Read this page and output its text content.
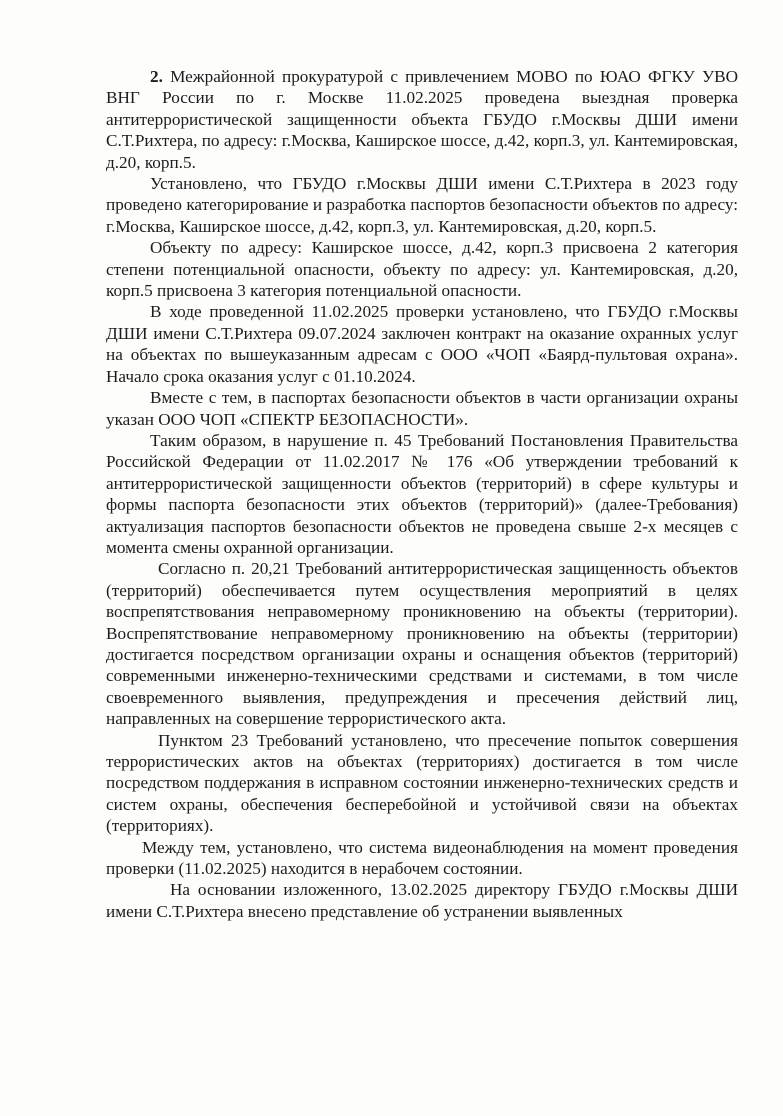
2. Межрайонной прокуратурой с привлечением МОВО по ЮАО ФГКУ УВО ВНГ России по г. Москве 11.02.2025 проведена выездная проверка антитеррористической защищенности объекта ГБУДО г.Москвы ДШИ имени С.Т.Рихтера, по адресу: г.Москва, Каширское шоссе, д.42, корп.3, ул. Кантемировская, д.20, корп.5.

Установлено, что ГБУДО г.Москвы ДШИ имени С.Т.Рихтера в 2023 году проведено категорирование и разработка паспортов безопасности объектов по адресу: г.Москва, Каширское шоссе, д.42, корп.3, ул. Кантемировская, д.20, корп.5.

Объекту по адресу: Каширское шоссе, д.42, корп.3 присвоена 2 категория степени потенциальной опасности, объекту по адресу: ул. Кантемировская, д.20, корп.5 присвоена 3 категория потенциальной опасности.

В ходе проведенной 11.02.2025 проверки установлено, что ГБУДО г.Москвы ДШИ имени С.Т.Рихтера 09.07.2024 заключен контракт на оказание охранных услуг на объектах по вышеуказанным адресам с ООО «ЧОП «Баярд-пультовая охрана». Начало срока оказания услуг с 01.10.2024.

Вместе с тем, в паспортах безопасности объектов в части организации охраны указан ООО ЧОП «СПЕКТР БЕЗОПАСНОСТИ».

Таким образом, в нарушение п. 45 Требований Постановления Правительства Российской Федерации от 11.02.2017 № 176 «Об утверждении требований к антитеррористической защищенности объектов (территорий) в сфере культуры и формы паспорта безопасности этих объектов (территорий)» (далее-Требования) актуализация паспортов безопасности объектов не проведена свыше 2-х месяцев с момента смены охранной организации.

Согласно п. 20,21 Требований антитеррористическая защищенность объектов (территорий) обеспечивается путем осуществления мероприятий в целях воспрепятствования неправомерному проникновению на объекты (территории). Воспрепятствование неправомерному проникновению на объекты (территории) достигается посредством организации охраны и оснащения объектов (территорий) современными инженерно-техническими средствами и системами, в том числе своевременного выявления, предупреждения и пресечения действий лиц, направленных на совершение террористического акта.

Пунктом 23 Требований установлено, что пресечение попыток совершения террористических актов на объектах (территориях) достигается в том числе посредством поддержания в исправном состоянии инженерно-технических средств и систем охраны, обеспечения бесперебойной и устойчивой связи на объектах (территориях).

Между тем, установлено, что система видеонаблюдения на момент проведения проверки (11.02.2025) находится в нерабочем состоянии.

На основании изложенного, 13.02.2025 директору ГБУДО г.Москвы ДШИ имени С.Т.Рихтера внесено представление об устранении выявленных
